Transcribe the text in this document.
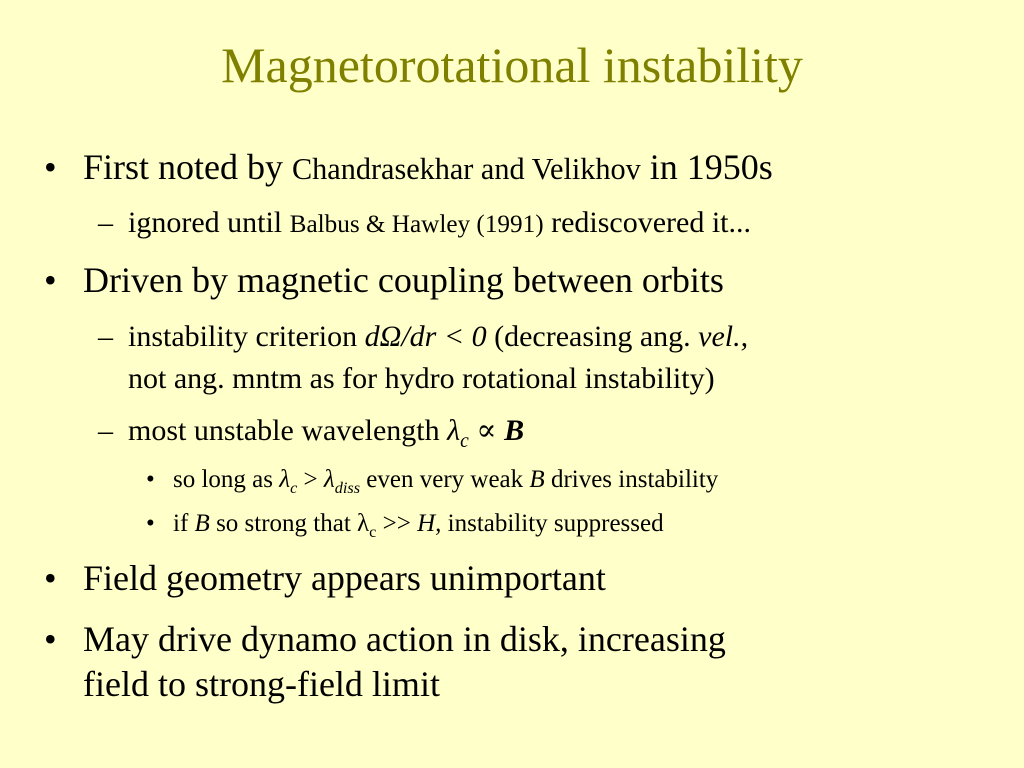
Magnetorotational instability
• First noted by Chandrasekhar and Velikhov in 1950s
– ignored until Balbus & Hawley (1991) rediscovered it...
• Driven by magnetic coupling between orbits
– instability criterion dΩ/dr < 0 (decreasing ang. vel.,
not ang. mntm as for hydro rotational instability)
– most unstable wavelength $\lambda_c \propto B$
• so long as $\lambda_c > \lambda_{diss}$ even very weak B drives instability
• if B so strong that $\lambda_c >> H$, instability suppressed
• Field geometry appears unimportant
• May drive dynamo action in disk, increasing
field to strong-field limit
